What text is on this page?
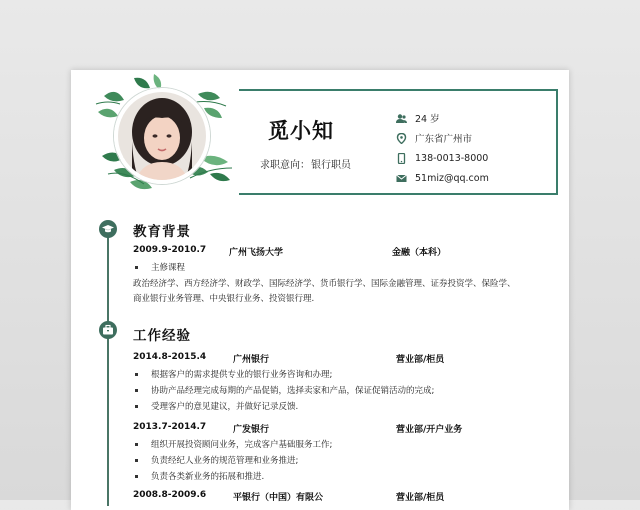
觅小知
求职意向：银行职员
24 岁
广东省广州市
138-0013-8000
51miz@qq.com
教育背景
2009.9-2010.7	广州飞扬大学	金融（本科）
主修课程
政治经济学、西方经济学、财政学、国际经济学、货币银行学、国际金融管理、证券投资学、保险学、
商业银行业务管理、中央银行业务、投资银行理.
工作经验
2014.8-2015.4	广州银行	营业部/柜员
根据客户的需求提供专业的银行业务咨询和办理;
协助产品经理完成每期的产品促销，选择卖家和产品，保证促销活动的完成;
受理客户的意见建议，并做好记录反馈.
2013.7-2014.7	广发银行	营业部/开户业务
组织开展投资顾问业务，完成客户基础服务工作;
负责经纪人业务的规范管理和业务推进;
负责各类新业务的拓展和推进.
2008.8-2009.6	平银行（中国）有限公	营业部/柜员
